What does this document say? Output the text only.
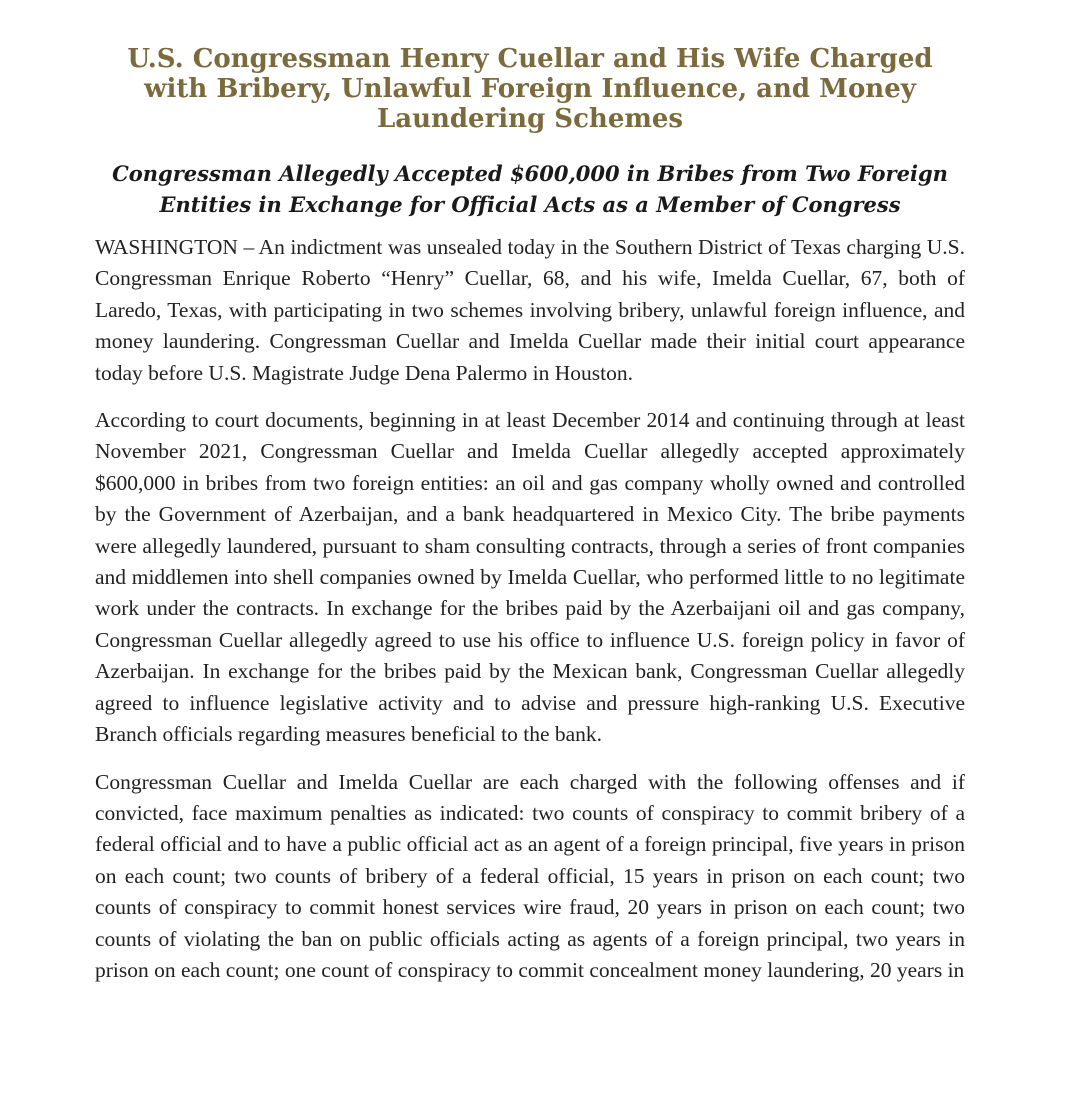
U.S. Congressman Henry Cuellar and His Wife Charged with Bribery, Unlawful Foreign Influence, and Money Laundering Schemes
Congressman Allegedly Accepted $600,000 in Bribes from Two Foreign Entities in Exchange for Official Acts as a Member of Congress

WASHINGTON – An indictment was unsealed today in the Southern District of Texas charging U.S. Congressman Enrique Roberto “Henry” Cuellar, 68, and his wife, Imelda Cuellar, 67, both of Laredo, Texas, with participating in two schemes involving bribery, unlawful foreign influence, and money laundering. Congressman Cuellar and Imelda Cuellar made their initial court appearance today before U.S. Magistrate Judge Dena Palermo in Houston.

According to court documents, beginning in at least December 2014 and continuing through at least November 2021, Congressman Cuellar and Imelda Cuellar allegedly accepted approximately $600,000 in bribes from two foreign entities: an oil and gas company wholly owned and controlled by the Government of Azerbaijan, and a bank headquartered in Mexico City. The bribe payments were allegedly laundered, pursuant to sham consulting contracts, through a series of front companies and middlemen into shell companies owned by Imelda Cuellar, who performed little to no legitimate work under the contracts. In exchange for the bribes paid by the Azerbaijani oil and gas company, Congressman Cuellar allegedly agreed to use his office to influence U.S. foreign policy in favor of Azerbaijan. In exchange for the bribes paid by the Mexican bank, Congressman Cuellar allegedly agreed to influence legislative activity and to advise and pressure high-ranking U.S. Executive Branch officials regarding measures beneficial to the bank.

Congressman Cuellar and Imelda Cuellar are each charged with the following offenses and if convicted, face maximum penalties as indicated: two counts of conspiracy to commit bribery of a federal official and to have a public official act as an agent of a foreign principal, five years in prison on each count; two counts of bribery of a federal official, 15 years in prison on each count; two counts of conspiracy to commit honest services wire fraud, 20 years in prison on each count; two counts of violating the ban on public officials acting as agents of a foreign principal, two years in prison on each count; one count of conspiracy to commit concealment money laundering, 20 years in
